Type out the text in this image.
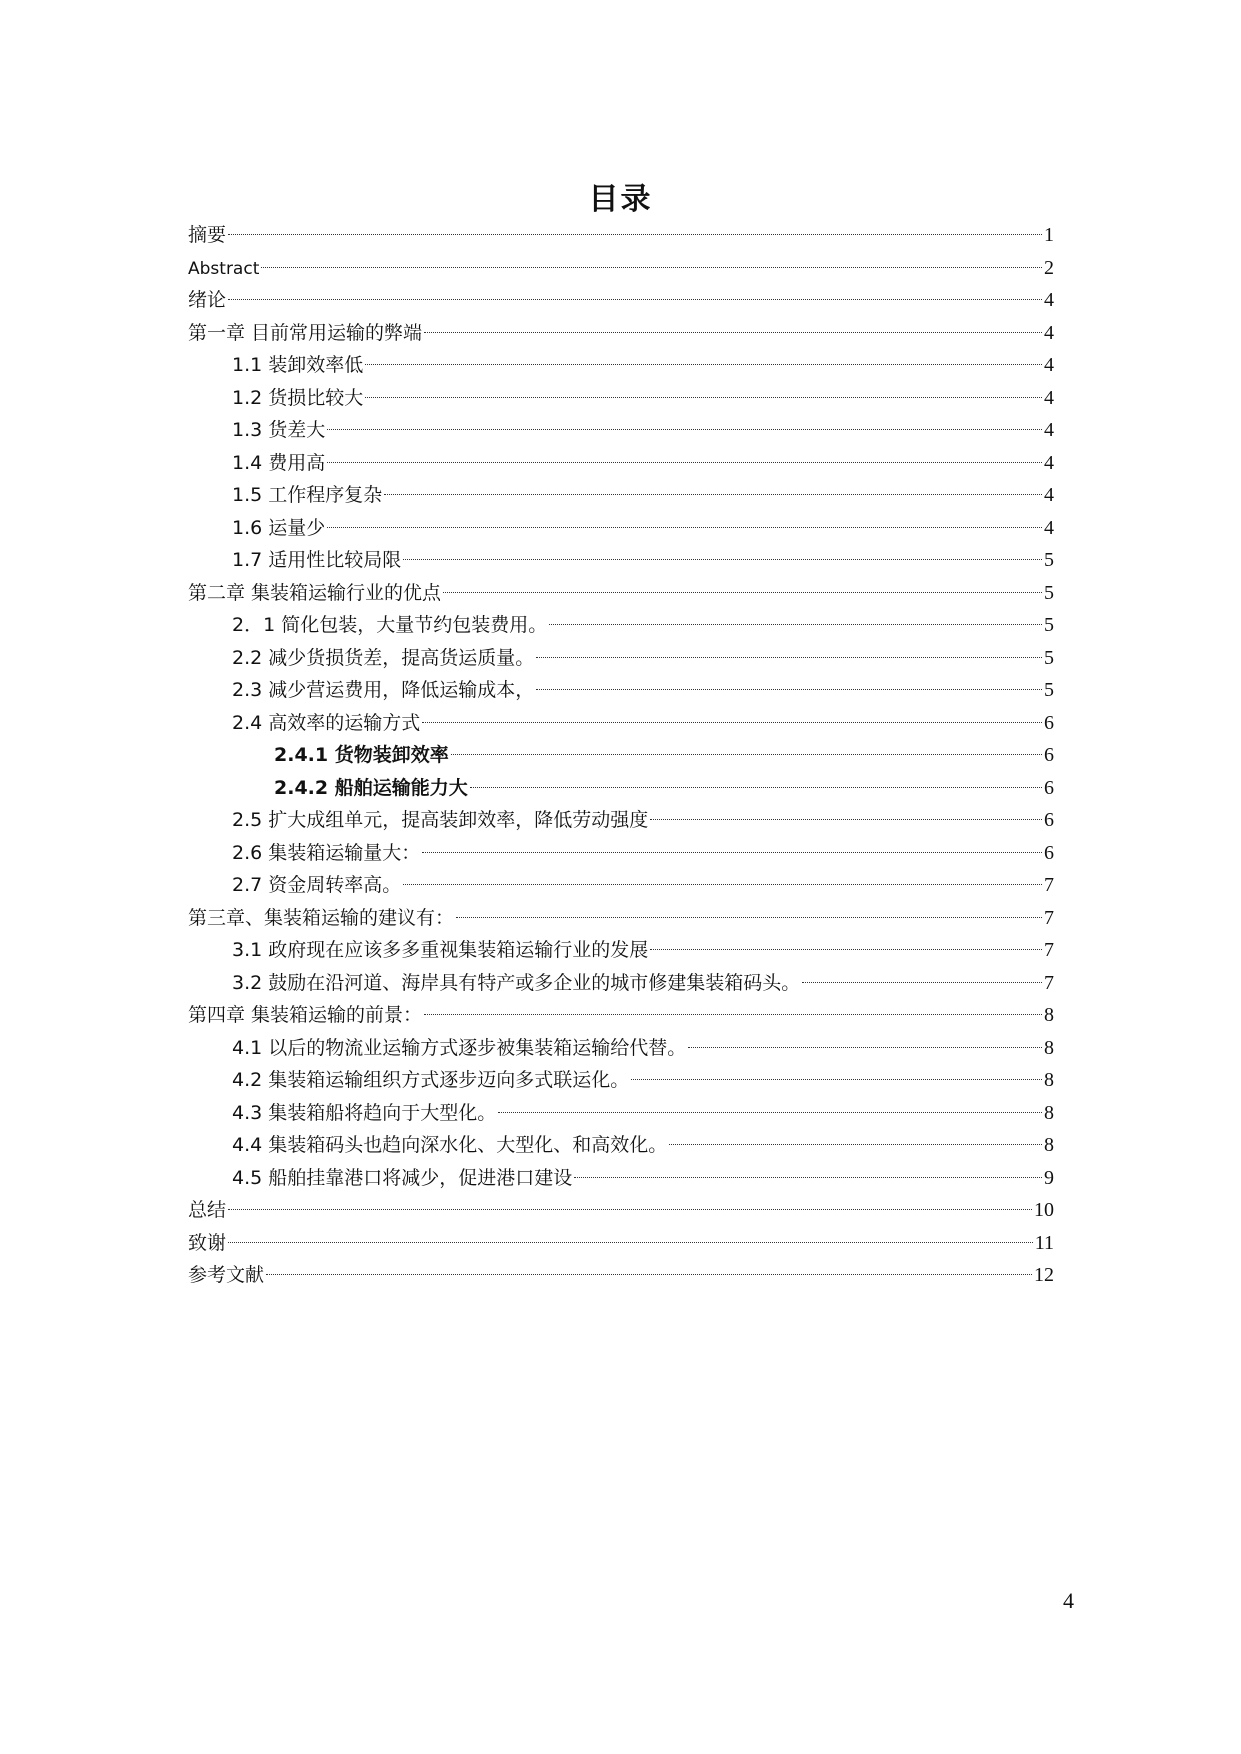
目录
摘要	1
Abstract	2
绪论	4
第一章 目前常用运输的弊端	4
1.1 装卸效率低	4
1.2 货损比较大	4
1.3 货差大	4
1.4 费用高	4
1.5 工作程序复杂	4
1.6 运量少	4
1.7 适用性比较局限	5
第二章 集装箱运输行业的优点	5
2．1 简化包装，大量节约包装费用。	5
2.2 减少货损货差，提高货运质量。	5
2.3 减少营运费用，降低运输成本，	5
2.4 高效率的运输方式	6
2.4.1 货物装卸效率	6
2.4.2 船舶运输能力大	6
2.5 扩大成组单元，提高装卸效率，降低劳动强度	6
2.6 集装箱运输量大：	6
2.7 资金周转率高。	7
第三章、集装箱运输的建议有：	7
3.1 政府现在应该多多重视集装箱运输行业的发展	7
3.2 鼓励在沿河道、海岸具有特产或多企业的城市修建集装箱码头。	7
第四章 集装箱运输的前景：	8
4.1 以后的物流业运输方式逐步被集装箱运输给代替。	8
4.2 集装箱运输组织方式逐步迈向多式联运化。	8
4.3 集装箱船将趋向于大型化。	8
4.4 集装箱码头也趋向深水化、大型化、和高效化。	8
4.5 船舶挂靠港口将减少，促进港口建设	9
总结	10
致谢	11
参考文献	12
4
